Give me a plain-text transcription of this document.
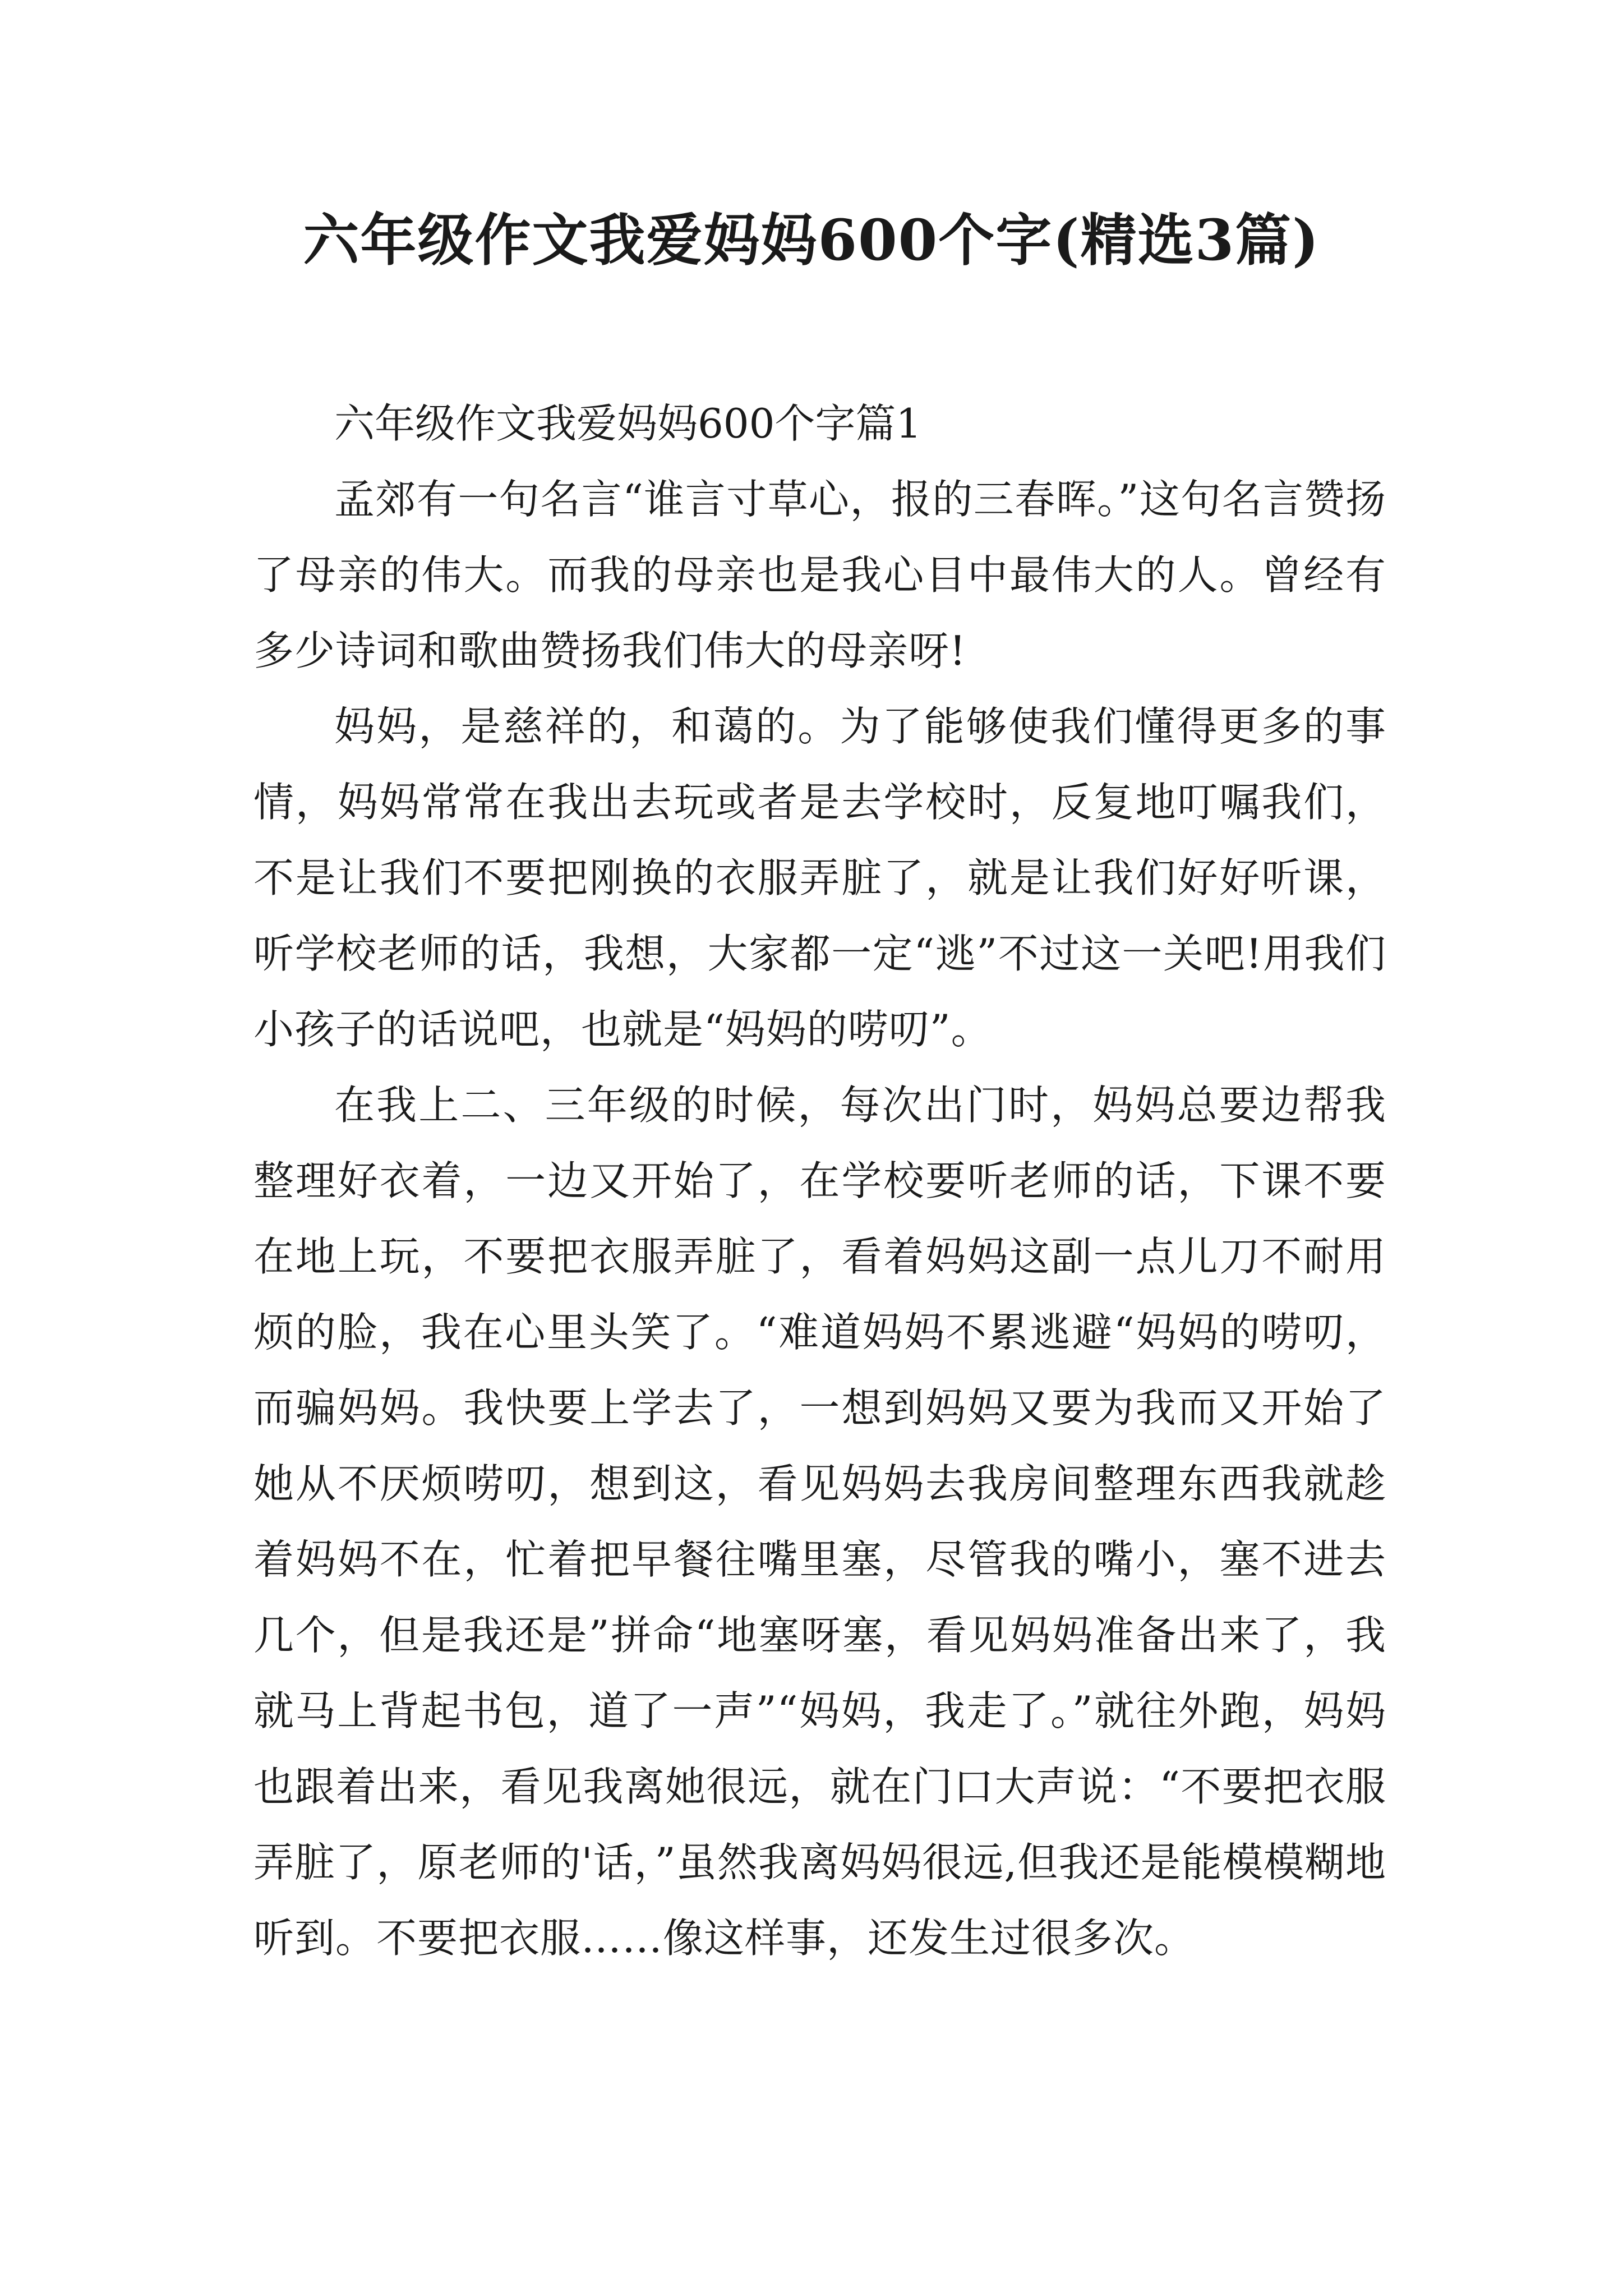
六年级作文我爱妈妈600个字(精选3篇)
六年级作文我爱妈妈600个字篇1

孟郊有一句名言“谁言寸草心，报的三春晖。”这句名言赞扬了母亲的伟大。而我的母亲也是我心目中最伟大的人。曾经有多少诗词和歌曲赞扬我们伟大的母亲呀!

妈妈，是慈祥的，和蔼的。为了能够使我们懂得更多的事情，妈妈常常在我出去玩或者是去学校时，反复地叮嘱我们，不是让我们不要把刚换的衣服弄脏了，就是让我们好好听课，听学校老师的话，我想，大家都一定“逃”不过这一关吧!用我们小孩子的话说吧，也就是“妈妈的唠叨”。

在我上二、三年级的时候，每次出门时，妈妈总要边帮我整理好衣着，一边又开始了，在学校要听老师的话，下课不要在地上玩，不要把衣服弄脏了，看着妈妈这副一点儿刀不耐用烦的脸，我在心里头笑了。“难道妈妈不累逃避“妈妈的唠叨，而骗妈妈。我快要上学去了，一想到妈妈又要为我而又开始了她从不厌烦唠叨，想到这，看见妈妈去我房间整理东西我就趁着妈妈不在，忙着把早餐往嘴里塞，尽管我的嘴小，塞不进去几个，但是我还是”拼命“地塞呀塞，看见妈妈准备出来了，我就马上背起书包，道了一声”“妈妈，我走了。”就往外跑，妈妈也跟着出来，看见我离她很远，就在门口大声说：“不要把衣服弄脏了，原老师的'话，”虽然我离妈妈很远,但我还是能模模糊地听到。不要把衣服……像这样事，还发生过很多次。
